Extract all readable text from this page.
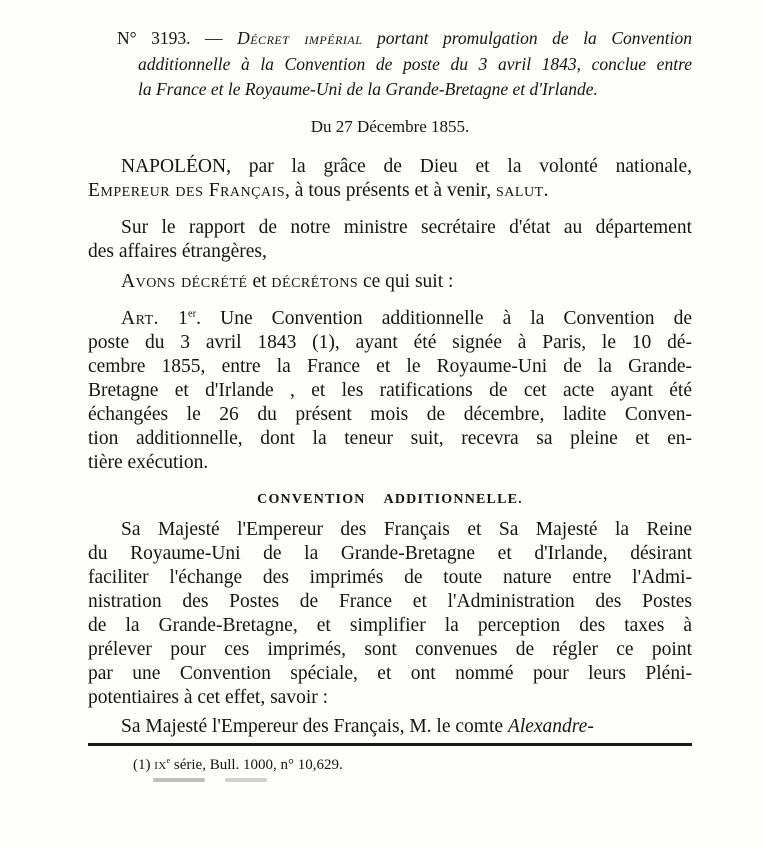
N° 3193. — Décret impérial portant promulgation de la Convention
additionnelle à la Convention de poste du 3 avril 1843, conclue entre
la France et le Royaume-Uni de la Grande-Bretagne et d'Irlande.
Du 27 Décembre 1855.
NAPOLÉON, par la grâce de Dieu et la volonté nationale,
Empereur des Français, à tous présents et à venir, salut.
Sur le rapport de notre ministre secrétaire d'état au département
des affaires étrangères,
Avons décrété et décrétons ce qui suit :
Art. 1er. Une Convention additionnelle à la Convention de
poste du 3 avril 1843 (1), ayant été signée à Paris, le 10 dé-
cembre 1855, entre la France et le Royaume-Uni de la Grande-
Bretagne et d'Irlande , et les ratifications de cet acte ayant été
échangées le 26 du présent mois de décembre, ladite Conven-
tion additionnelle, dont la teneur suit, recevra sa pleine et en-
tière exécution.
CONVENTION ADDITIONNELLE.
Sa Majesté l'Empereur des Français et Sa Majesté la Reine
du Royaume-Uni de la Grande-Bretagne et d'Irlande, désirant
faciliter l'échange des imprimés de toute nature entre l'Admi-
nistration des Postes de France et l'Administration des Postes
de la Grande-Bretagne, et simplifier la perception des taxes à
prélever pour ces imprimés, sont convenues de régler ce point
par une Convention spéciale, et ont nommé pour leurs Pléni-
potentiaires à cet effet, savoir :
Sa Majesté l'Empereur des Français, M. le comte Alexandre-
(1) $ix^e$ série, Bull. 1000, n° 10,629.
